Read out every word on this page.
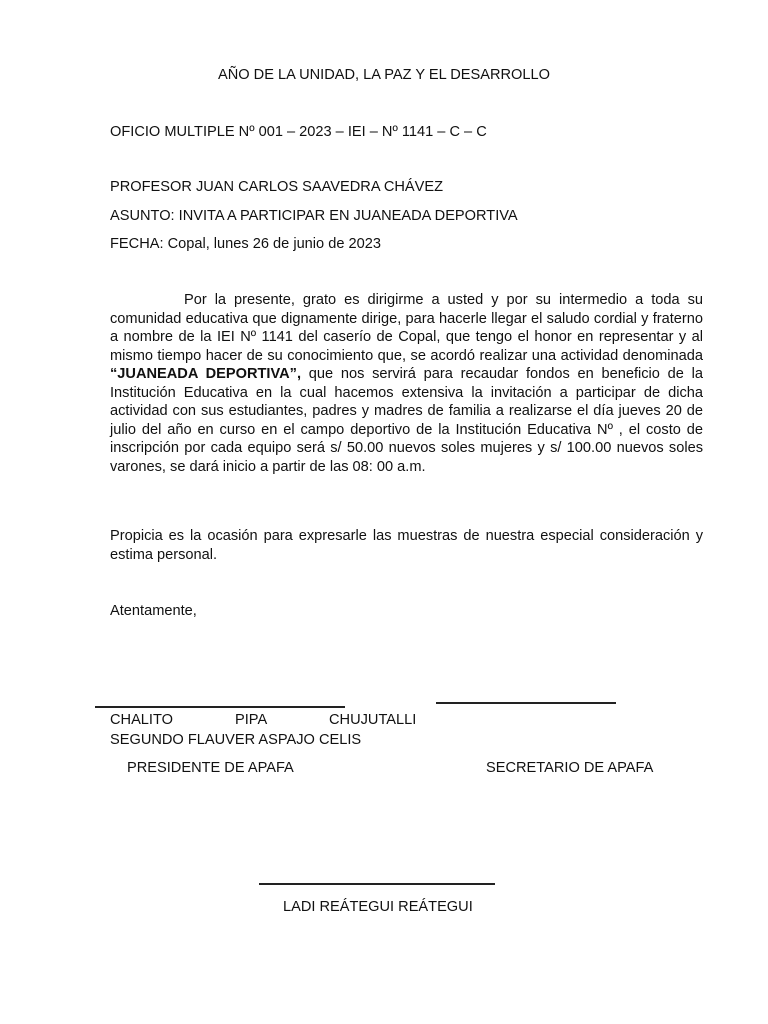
AÑO DE LA UNIDAD, LA PAZ Y EL DESARROLLO
OFICIO MULTIPLE Nº 001 – 2023 – IEI – Nº 1141 – C – C
PROFESOR JUAN CARLOS SAAVEDRA CHÁVEZ
ASUNTO: INVITA A PARTICIPAR EN JUANEADA DEPORTIVA
FECHA: Copal, lunes 26 de junio de 2023

Por la presente, grato es dirigirme a usted y por su intermedio a toda su comunidad educativa que dignamente dirige, para hacerle llegar el saludo cordial y fraterno a nombre de la IEI Nº 1141 del caserío de Copal, que tengo el honor en representar y al mismo tiempo hacer de su conocimiento que, se acordó realizar una actividad denominada “JUANEADA DEPORTIVA”, que nos servirá para recaudar fondos en beneficio de la Institución Educativa en la cual hacemos extensiva la invitación a participar de dicha actividad con sus estudiantes, padres y madres de familia a realizarse el día jueves 20 de julio del año en curso en el campo deportivo de la Institución Educativa Nº , el costo de inscripción por cada equipo será s/ 50.00 nuevos soles mujeres y s/ 100.00 nuevos soles varones, se dará inicio a partir de las 08: 00 a.m.

Propicia es la ocasión para expresarle las muestras de nuestra especial consideración y estima personal.

Atentamente,
CHALITO	PIPA	CHUJUTALLI
SEGUNDO FLAUVER ASPAJO CELIS
PRESIDENTE DE APAFA	SECRETARIO DE APAFA
LADI REÁTEGUI REÁTEGUI
